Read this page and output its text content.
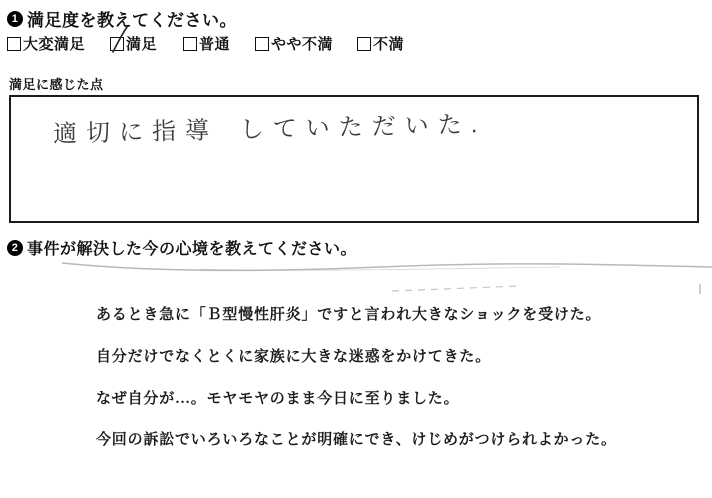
1 満足度を教えてください。
大変満足	満足	普通	やや不満	不満
満足に感じた点
適切に指導 していただいた.
2 事件が解決した今の心境を教えてください。
あるとき急に「Ｂ型慢性肝炎」ですと言われ大きなショックを受けた。
自分だけでなくとくに家族に大きな迷惑をかけてきた。
なぜ自分が…。モヤモヤのまま今日に至りました。
今回の訴訟でいろいろなことが明確にでき、けじめがつけられよかった。
